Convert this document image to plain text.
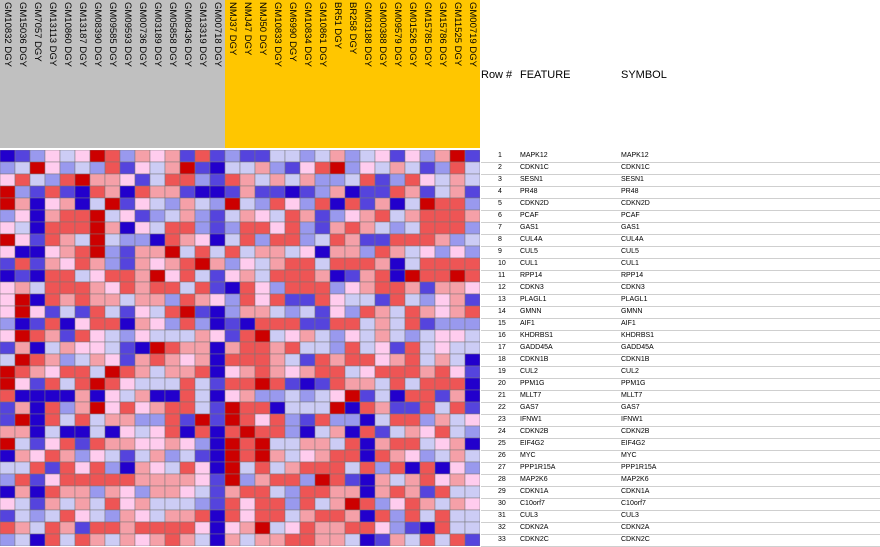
GM10832 DGY GM15036 DGY GM7057 DGY GM13113 DGY GM10860 DGY GM13187 DGY GM08390 DGY GM09585 DGY GM09593 DGY GM00736 DGY GM03189 DGY GM05858 DGY GM08436 DGY GM13319 DGY GM00718 DGY NMJ37 DGY NMJ47 DGY NMJ50 DGY GM10833 DGY GM6990 DGY GM10834 DGY GM10861 DGY BR51 DGY BR258 DGY GM03188 DGY GM00388 DGY GM09579 DGY GM01526 DGY GM15785 DGY GM15786 DGY GM11525 DGY GM00719 DGY
Row # FEATURE	SYMBOL
1	MAPK12	MAPK12
2	CDKN1C	CDKN1C
3	SESN1	SESN1
4	PR48	PR48
5	CDKN2D	CDKN2D
6	PCAF	PCAF
7	GAS1	GAS1
8	CUL4A	CUL4A
9	CUL5	CUL5
10 CUL1	CUL1
11 RPP14	RPP14
12 CDKN3	CDKN3
13 PLAGL1	PLAGL1
14 GMNN	GMNN
15 AIF1	AIF1
16 KHDRBS1	KHDRBS1
17 GADD45A	GADD45A
18 CDKN1B	CDKN1B
19 CUL2	CUL2
20 PPM1G	PPM1G
21 MLLT7	MLLT7
22 GAS7	GAS7
23 IFNW1	IFNW1
24 CDKN2B	CDKN2B
25 EIF4G2	EIF4G2
26 MYC	MYC
27 PPP1R15A	PPP1R15A
28 MAP2K6	MAP2K6
29 CDKN1A	CDKN1A
30 C10orf7	C10orf7
31 CUL3	CUL3
32 CDKN2A	CDKN2A
33 CDKN2C	CDKN2C
